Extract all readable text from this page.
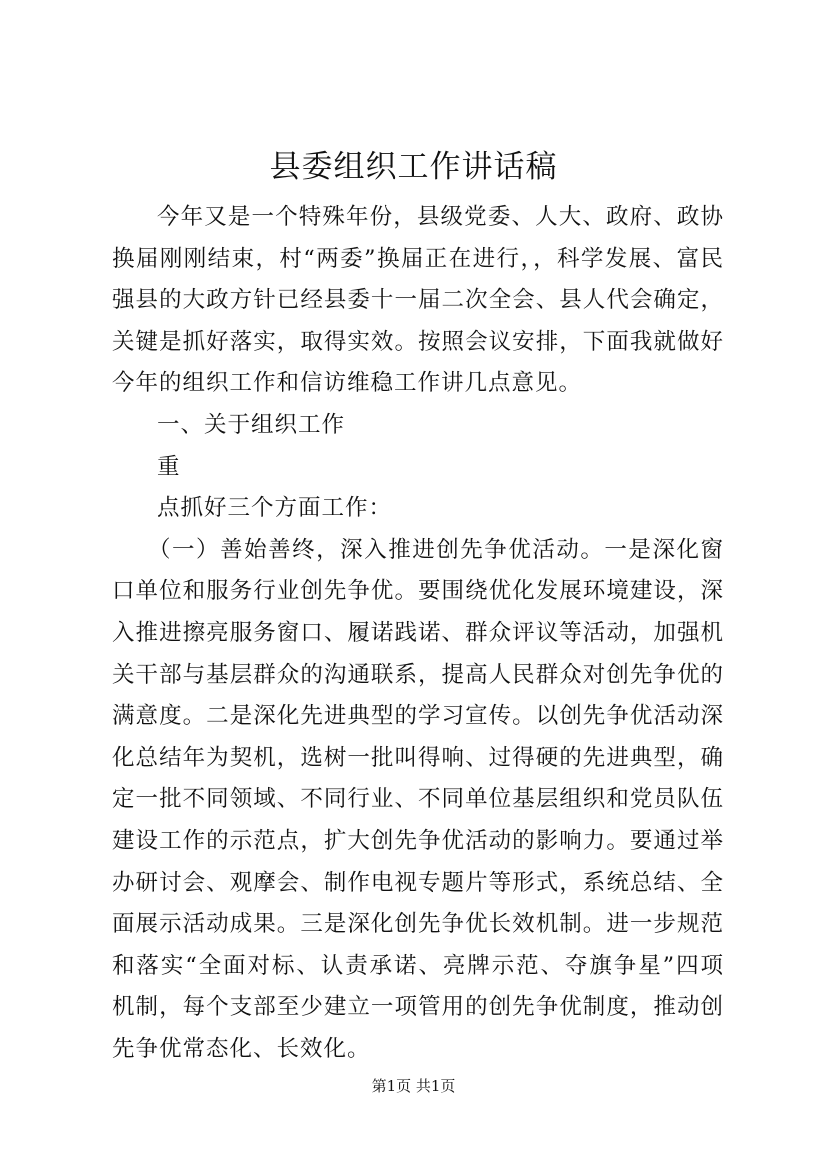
县委组织工作讲话稿

今年又是一个特殊年份，县级党委、人大、政府、政协换届刚刚结束，村“两委”换届正在进行，，科学发展、富民强县的大政方针已经县委十一届二次全会、县人代会确定，关键是抓好落实，取得实效。按照会议安排，下面我就做好今年的组织工作和信访维稳工作讲几点意见。

一、关于组织工作

重

点抓好三个方面工作：

（一）善始善终，深入推进创先争优活动。一是深化窗口单位和服务行业创先争优。要围绕优化发展环境建设，深入推进擦亮服务窗口、履诺践诺、群众评议等活动，加强机关干部与基层群众的沟通联系，提高人民群众对创先争优的满意度。二是深化先进典型的学习宣传。以创先争优活动深化总结年为契机，选树一批叫得响、过得硬的先进典型，确定一批不同领域、不同行业、不同单位基层组织和党员队伍建设工作的示范点，扩大创先争优活动的影响力。要通过举办研讨会、观摩会、制作电视专题片等形式，系统总结、全面展示活动成果。三是深化创先争优长效机制。进一步规范和落实“全面对标、认责承诺、亮牌示范、夺旗争星”四项机制，每个支部至少建立一项管用的创先争优制度，推动创先争优常态化、长效化。

第1页 共1页
